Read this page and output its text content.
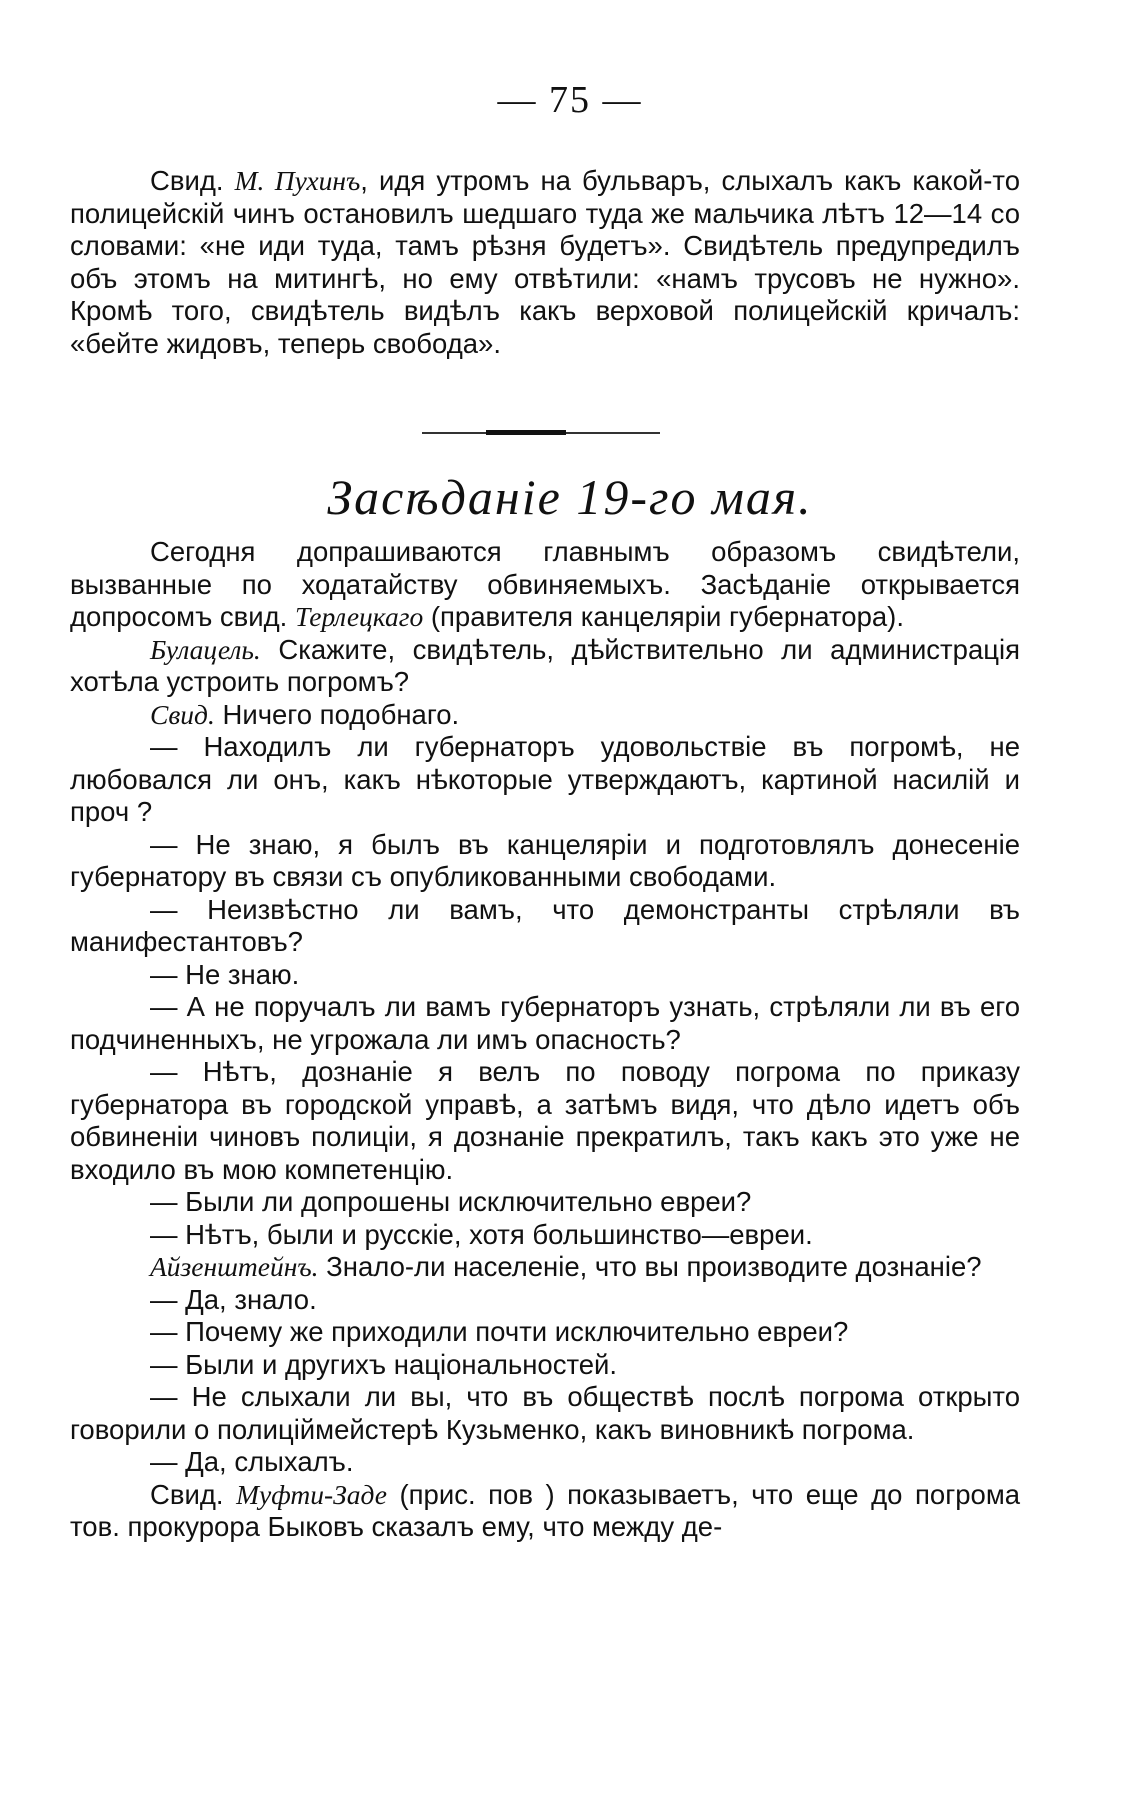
— 75 —

Свид. М. Пухинъ, идя утромъ на бульваръ, слыхалъ какъ какой-то полицейскій чинъ остановилъ шедшаго туда же мальчика лѣтъ 12—14 со словами: «не иди туда, тамъ рѣзня будетъ». Свидѣтель предупредилъ объ этомъ на митингѣ, но ему отвѣтили: «намъ трусовъ не нужно». Кромѣ того, свидѣтель видѣлъ какъ верховой полицейскій кричалъ: «бейте жидовъ, теперь свобода».

Засѣданіе 19-го мая.

Сегодня допрашиваются главнымъ образомъ свидѣтели, вызванные по ходатайству обвиняемыхъ. Засѣданіе открывается допросомъ свид. Терлецкаго (правителя канцеляріи губернатора).

Булацель. Скажите, свидѣтель, дѣйствительно ли администрація хотѣла устроить погромъ?

Свид. Ничего подобнаго.

— Находилъ ли губернаторъ удовольствіе въ погромѣ, не любовался ли онъ, какъ нѣкоторые утверждаютъ, картиной насилій и проч ?

— Не знаю, я былъ въ канцеляріи и подготовлялъ донесеніе губернатору въ связи съ опубликованными свободами.

— Неизвѣстно ли вамъ, что демонстранты стрѣляли въ манифестантовъ?

— Не знаю.

— А не поручалъ ли вамъ губернаторъ узнать, стрѣляли ли въ его подчиненныхъ, не угрожала ли имъ опасность?

— Нѣтъ, дознаніе я велъ по поводу погрома по приказу губернатора въ городской управѣ, а затѣмъ видя, что дѣло идетъ объ обвиненіи чиновъ полиціи, я дознаніе прекратилъ, такъ какъ это уже не входило въ мою компетенцію.

— Были ли допрошены исключительно евреи?

— Нѣтъ, были и русскіе, хотя большинство—евреи.

Айзенштейнъ. Знало-ли населеніе, что вы производите дознаніе?

— Да, знало.

— Почему же приходили почти исключительно евреи?

— Были и другихъ національностей.

— Не слыхали ли вы, что въ обществѣ послѣ погрома открыто говорили о полиціймейстерѣ Кузьменко, какъ виновникѣ погрома.

— Да, слыхалъ.

Свид. Муфти-Заде (прис. пов ) показываетъ, что еще до погрома тов. прокурора Быковъ сказалъ ему, что между де-
